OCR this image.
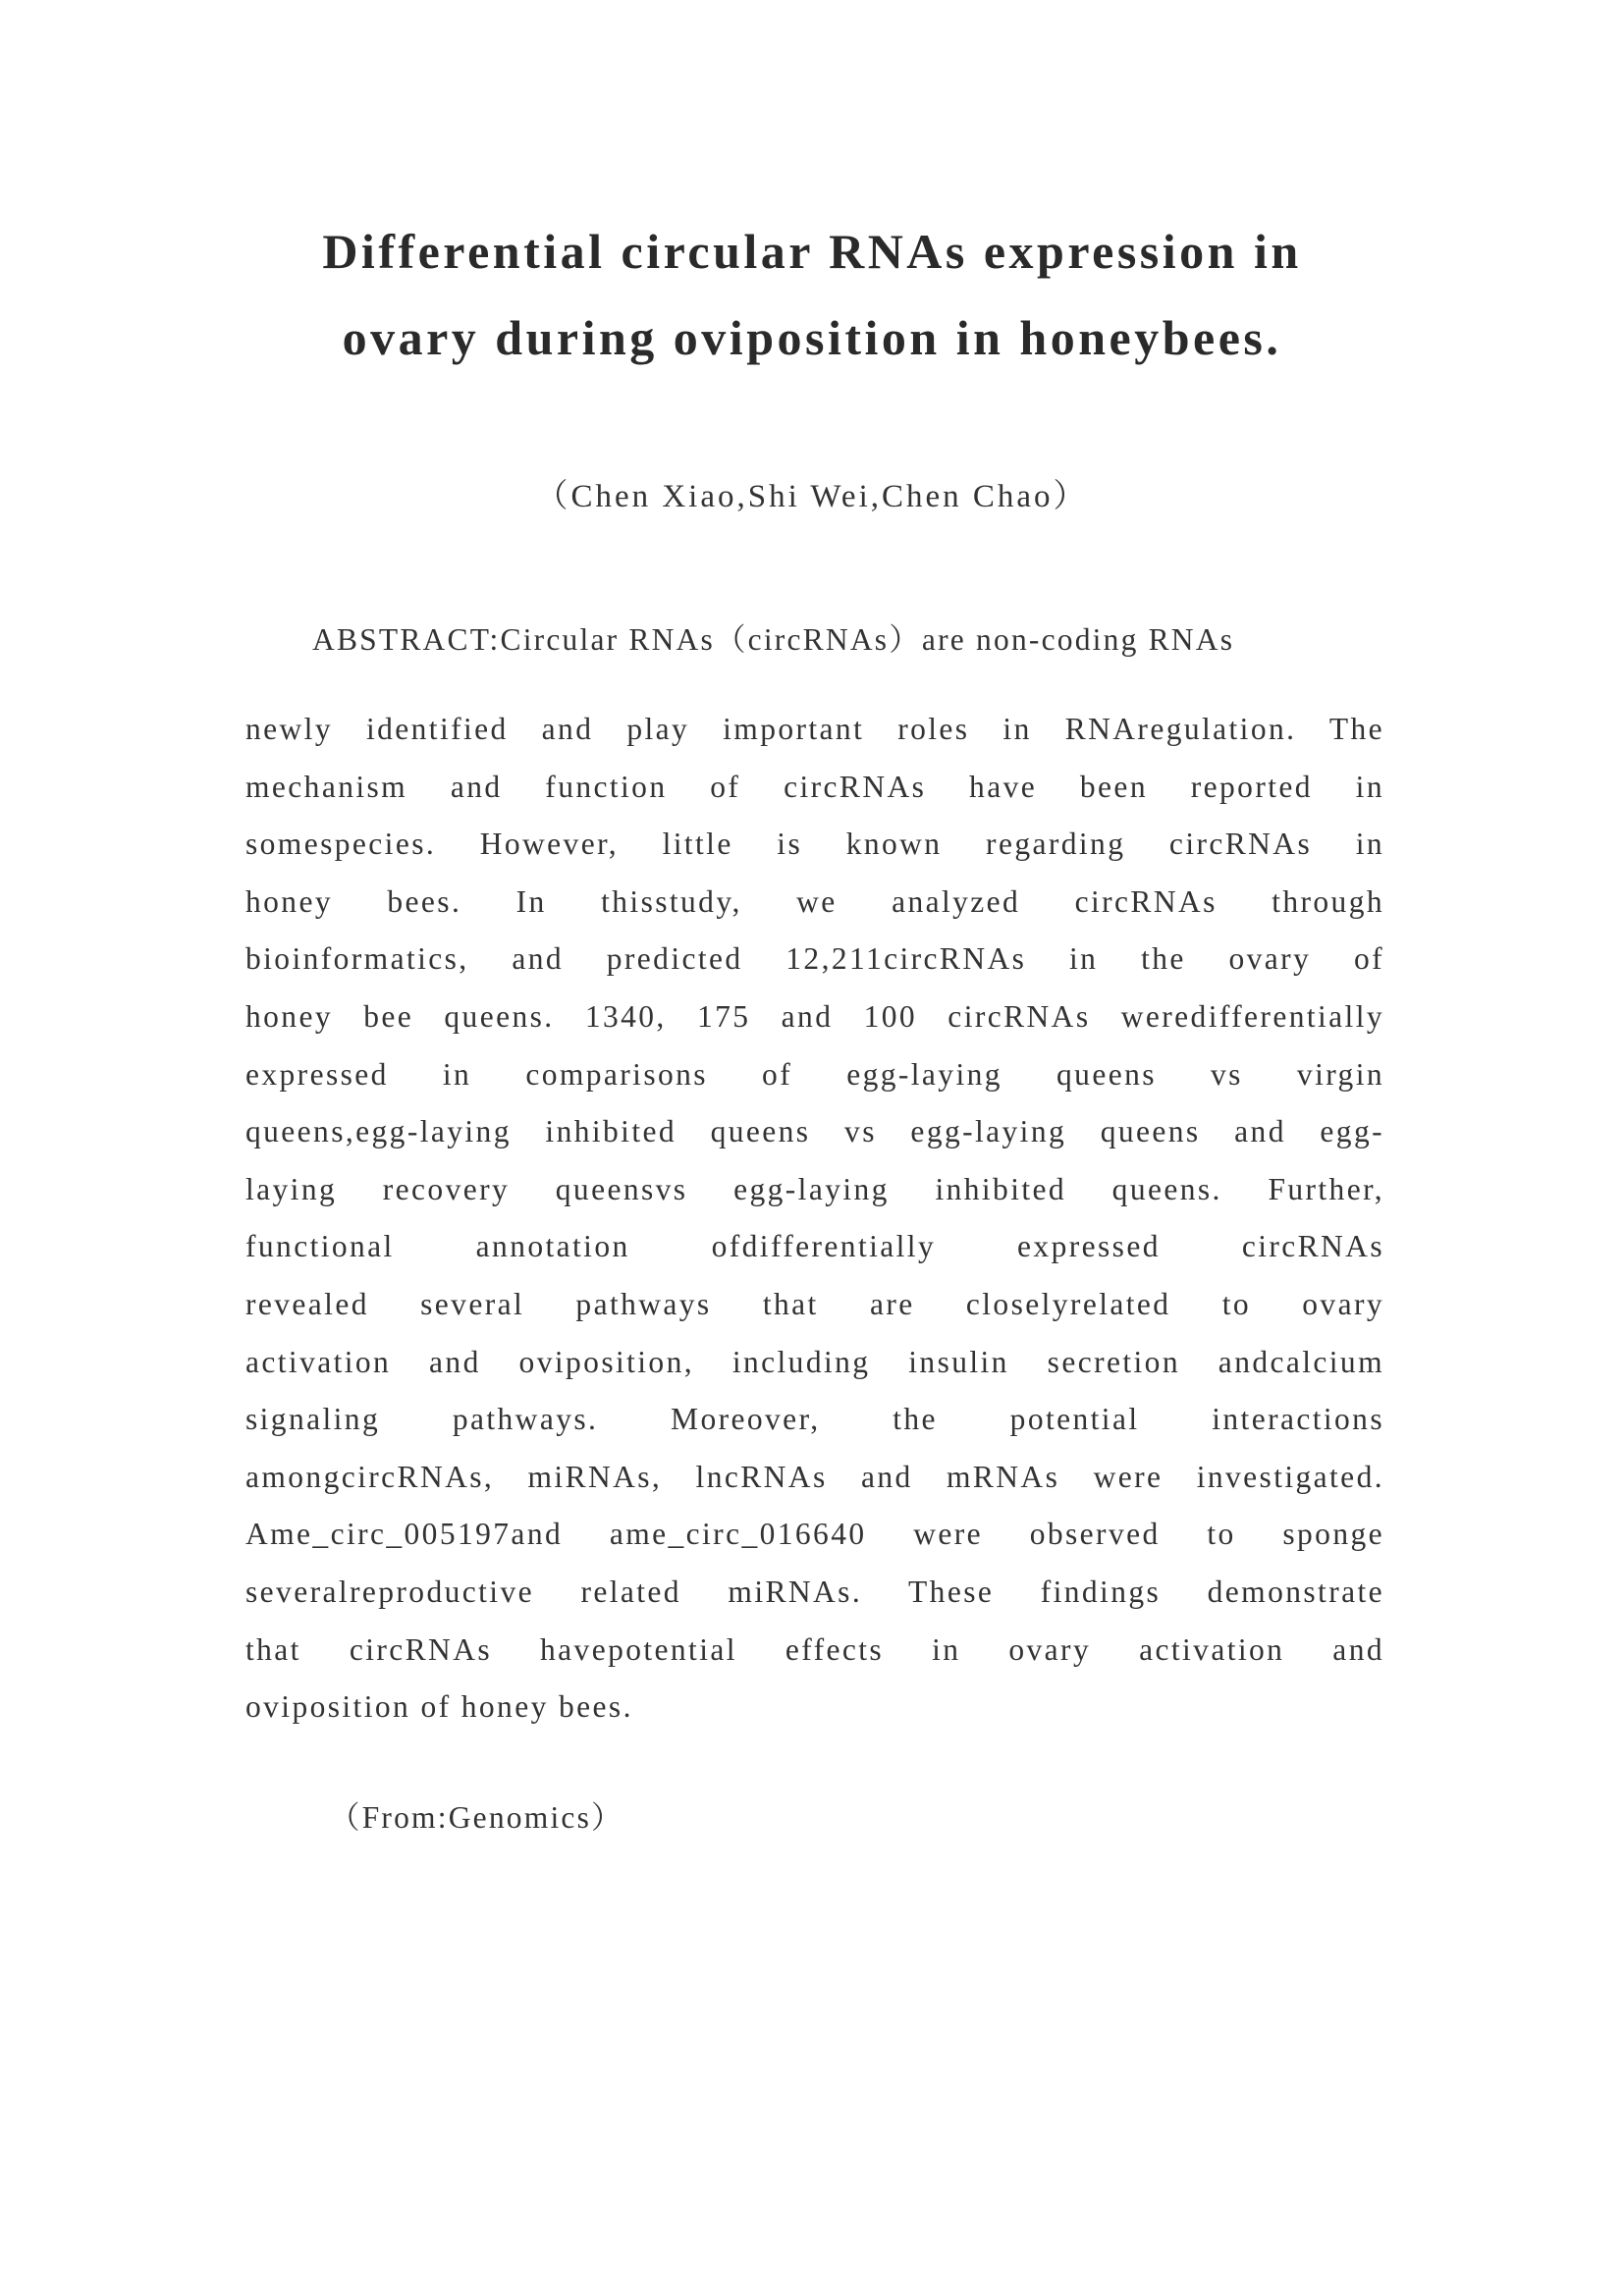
Differential circular RNAs expression in
ovary during oviposition in honeybees.

（Chen Xiao,Shi Wei,Chen Chao）

ABSTRACT:Circular RNAs（circRNAs）are non-coding RNAs

newly identified and play important roles in RNAregulation. The
mechanism and function of circRNAs have been reported in
somespecies. However, little is known regarding circRNAs in
honey bees. In thisstudy, we analyzed circRNAs through
bioinformatics, and predicted 12,211circRNAs in the ovary of
honey bee queens. 1340, 175 and 100 circRNAs weredifferentially
expressed in comparisons of egg-laying queens vs virgin
queens,egg-laying inhibited queens vs egg-laying queens and egg-
laying recovery queensvs egg-laying inhibited queens. Further,
functional annotation ofdifferentially expressed circRNAs
revealed several pathways that are closelyrelated to ovary
activation and oviposition, including insulin secretion andcalcium
signaling pathways. Moreover, the potential interactions
amongcircRNAs, miRNAs, lncRNAs and mRNAs were investigated.
Ame_circ_005197and ame_circ_016640 were observed to sponge
severalreproductive related miRNAs. These findings demonstrate
that circRNAs havepotential effects in ovary activation and
oviposition of honey bees.

（From:Genomics）
